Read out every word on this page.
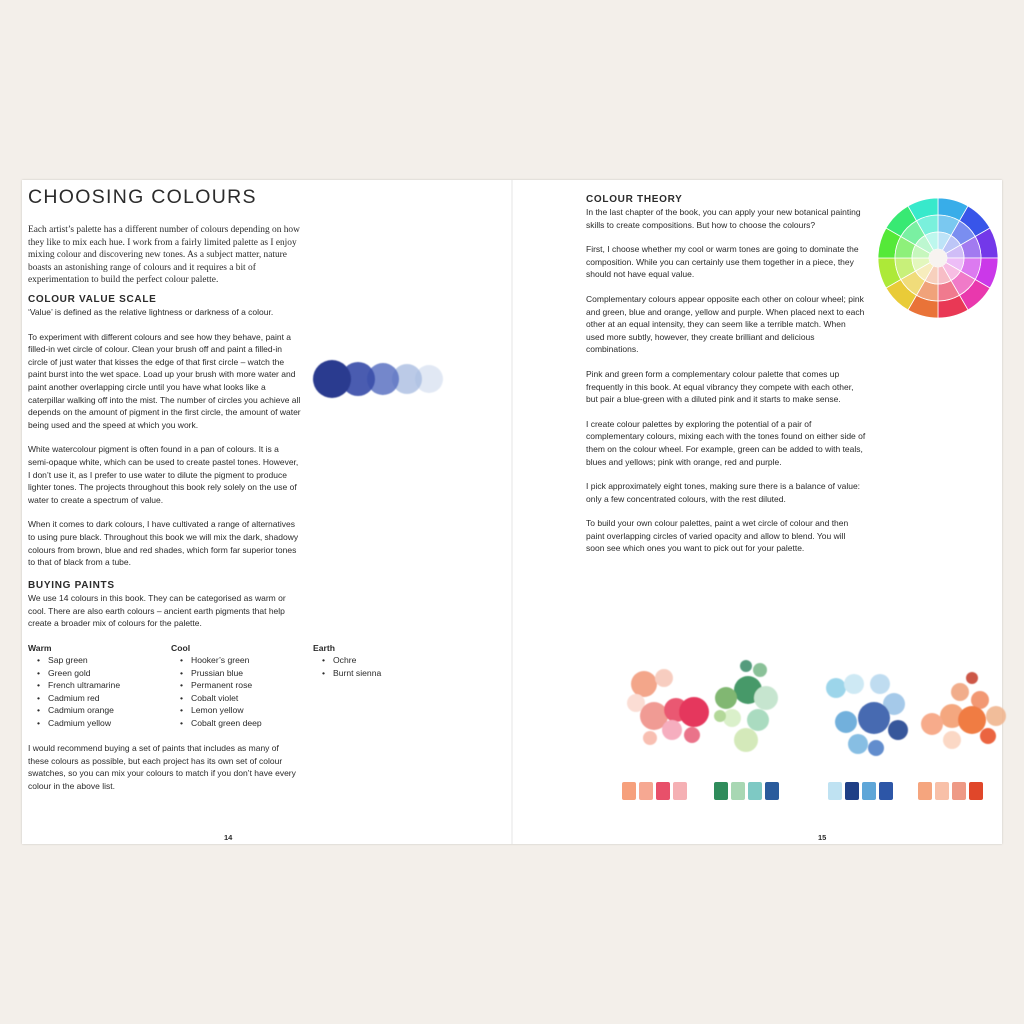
CHOOSING COLOURS

Each artist’s palette has a different number of colours depending on how they like to mix each hue. I work from a fairly limited palette as I enjoy mixing colour and discovering new tones. As a subject matter, nature boasts an astonishing range of colours and it requires a bit of experimentation to build the perfect colour palette.

COLOUR VALUE SCALE

‘Value’ is defined as the relative lightness or darkness of a colour.

To experiment with different colours and see how they behave, paint a filled-in wet circle of colour. Clean your brush off and paint a filled-in circle of just water that kisses the edge of that first circle – watch the paint burst into the wet space. Load up your brush with more water and paint another overlapping circle until you have what looks like a caterpillar walking off into the mist. The number of circles you achieve all depends on the amount of pigment in the first circle, the amount of water being used and the speed at which you work.

White watercolour pigment is often found in a pan of colours. It is a semi-opaque white, which can be used to create pastel tones. However, I don’t use it, as I prefer to use water to dilute the pigment to produce lighter tones. The projects throughout this book rely solely on the use of water to create a spectrum of value.

When it comes to dark colours, I have cultivated a range of alternatives to using pure black. Throughout this book we will mix the dark, shadowy colours from brown, blue and red shades, which form far superior tones to that of black from a tube.

BUYING PAINTS

We use 14 colours in this book. They can be categorised as warm or cool. There are also earth colours – ancient earth pigments that help create a broader mix of colours for the palette.

Warm
• Sap green
• Green gold
• French ultramarine
• Cadmium red
• Cadmium orange
• Cadmium yellow
Cool
• Hooker’s green
• Prussian blue
• Permanent rose
• Cobalt violet
• Lemon yellow
• Cobalt green deep
Earth
• Ochre
• Burnt sienna

I would recommend buying a set of paints that includes as many of these colours as possible, but each project has its own set of colour swatches, so you can mix your colours to match if you don’t have every colour in the above list.

14
COLOUR THEORY

In the last chapter of the book, you can apply your new botanical painting skills to create compositions. But how to choose the colours?

First, I choose whether my cool or warm tones are going to dominate the composition. While you can certainly use them together in a piece, they should not have equal value.

Complementary colours appear opposite each other on colour wheel; pink and green, blue and orange, yellow and purple. When placed next to each other at an equal intensity, they can seem like a terrible match. When used more subtly, however, they create brilliant and delicious combinations.

Pink and green form a complementary colour palette that comes up frequently in this book. At equal vibrancy they compete with each other, but pair a blue-green with a diluted pink and it starts to make sense.

I create colour palettes by exploring the potential of a pair of complementary colours, mixing each with the tones found on either side of them on the colour wheel. For example, green can be added to with teals, blues and yellows; pink with orange, red and purple.

I pick approximately eight tones, making sure there is a balance of value: only a few concentrated colours, with the rest diluted.

To build your own colour palettes, paint a wet circle of colour and then paint overlapping circles of varied opacity and allow to blend. You will soon see which ones you want to pick out for your palette.

15
